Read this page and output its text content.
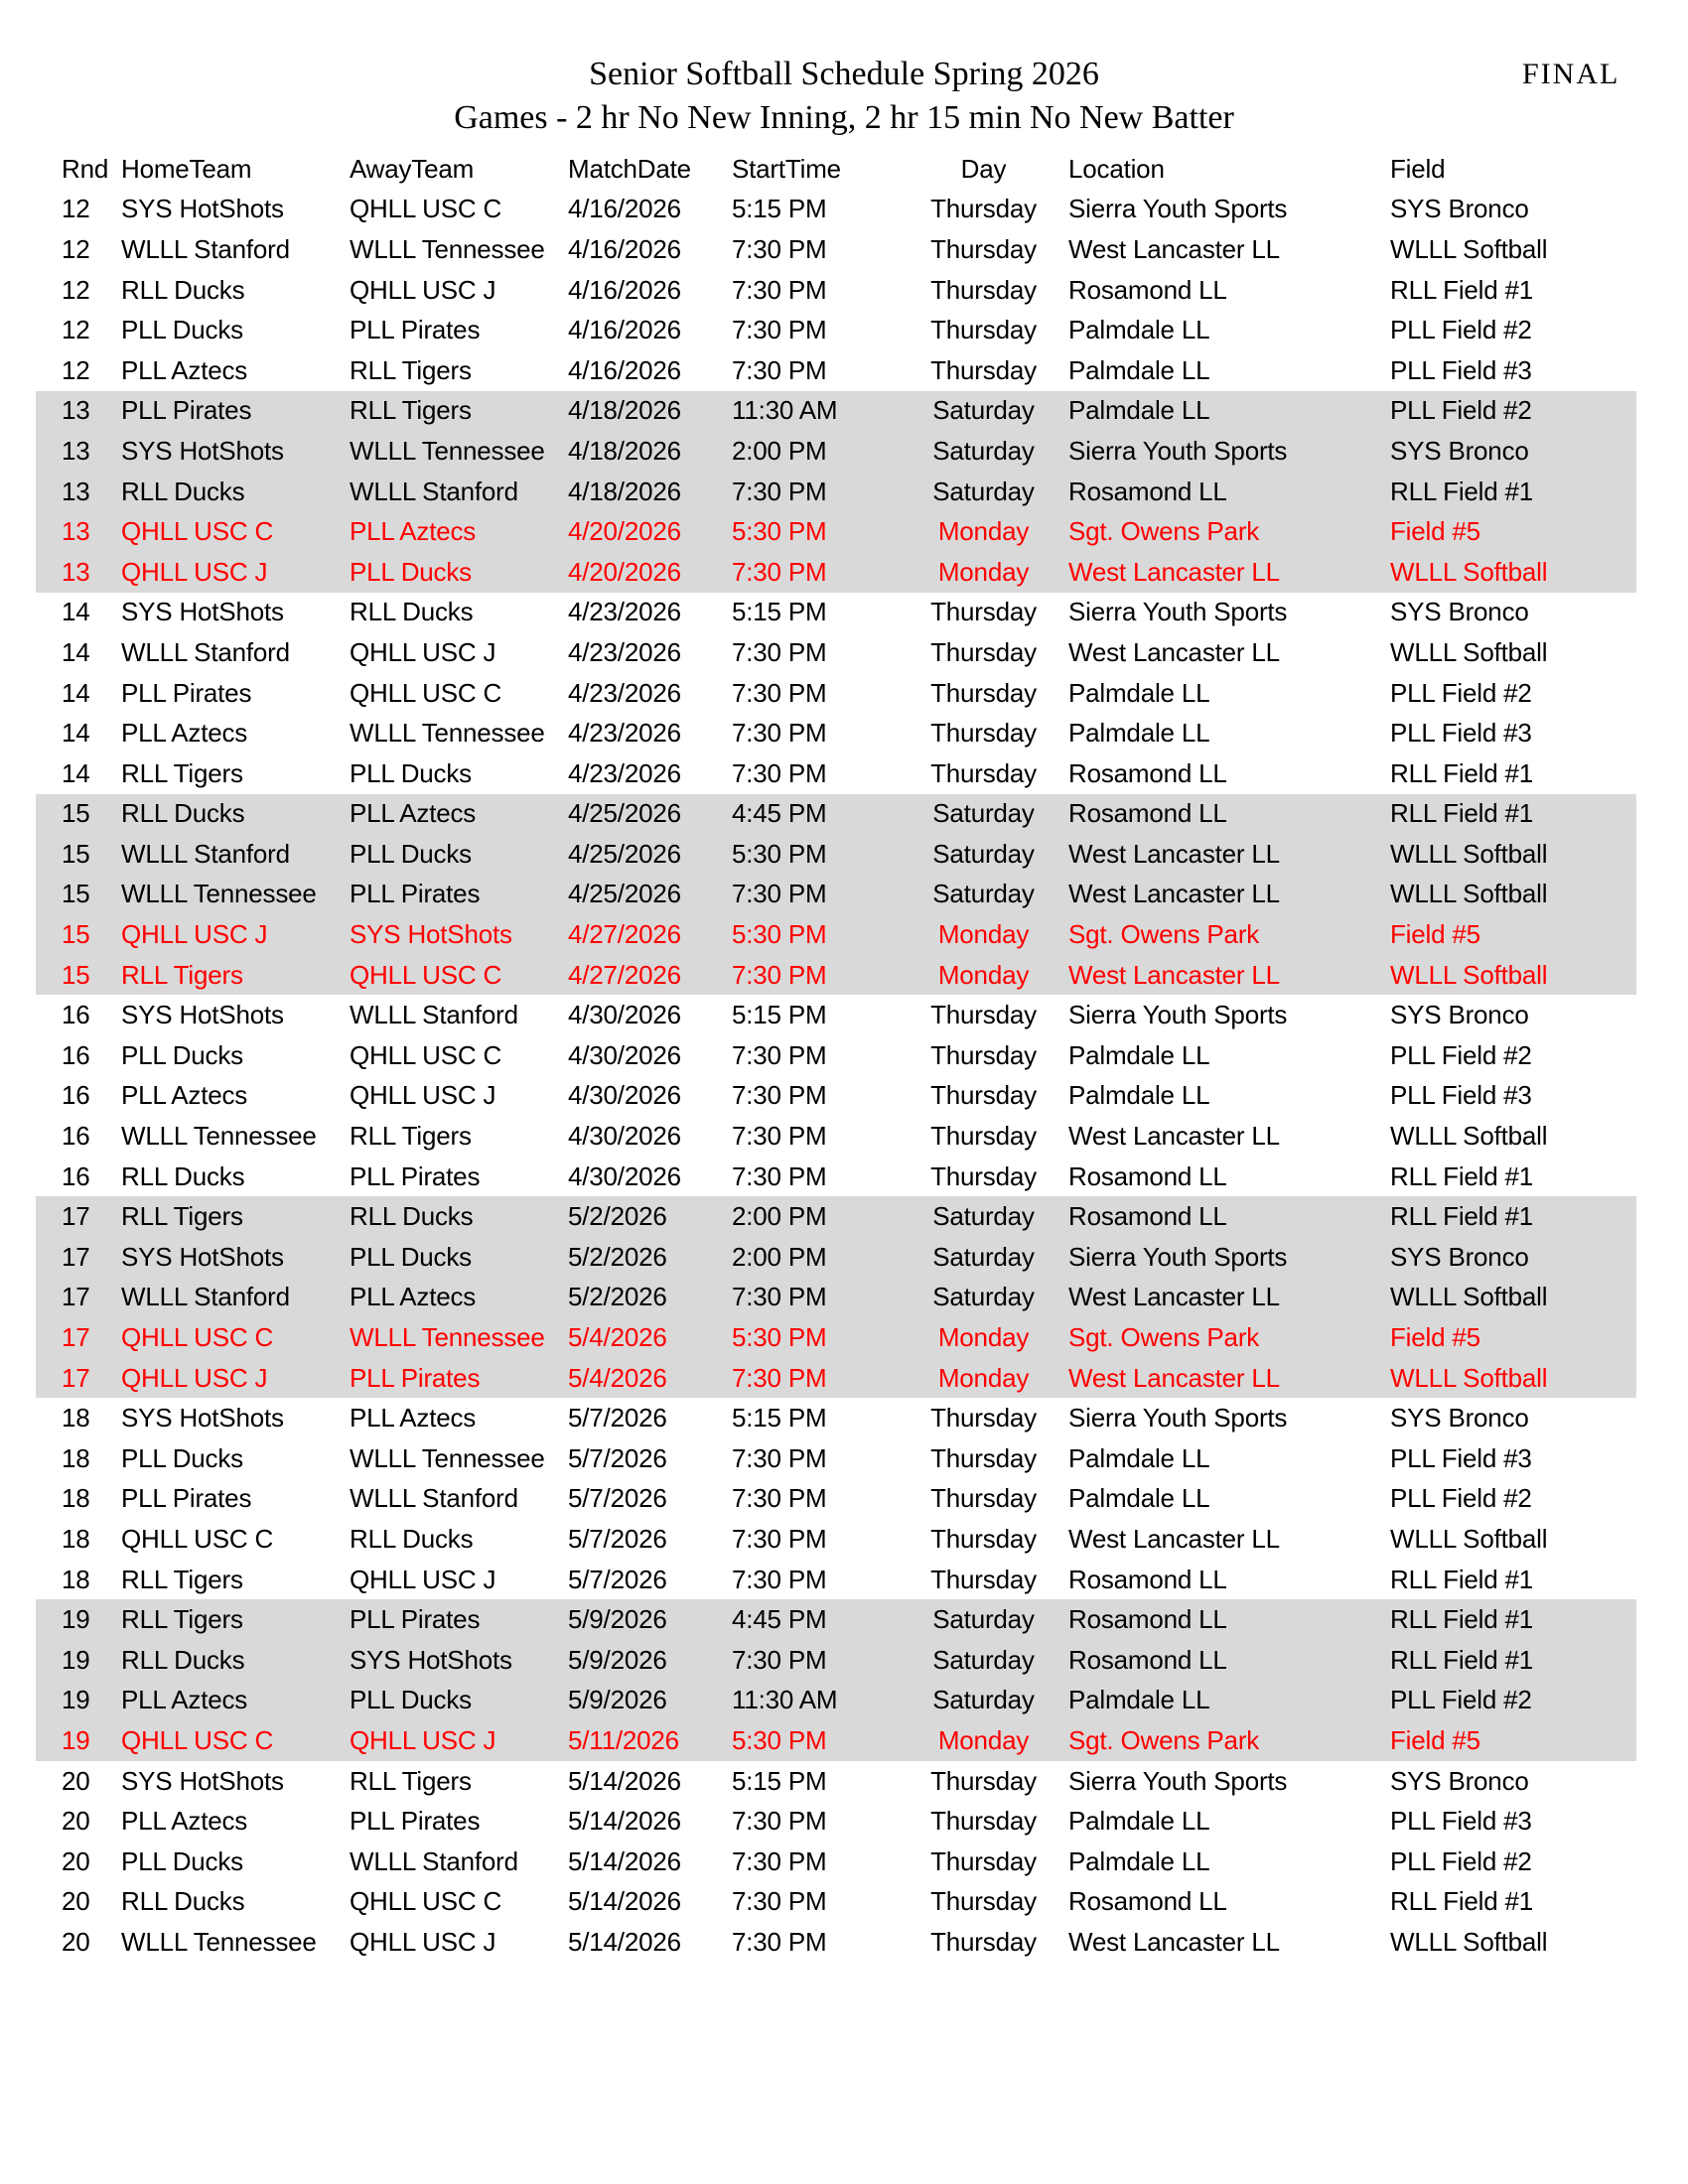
Senior Softball Schedule Spring 2026	FINAL
Games - 2 hr No New Inning, 2 hr 15 min No New Batter
Rnd HomeTeam	AwayTeam	MatchDate	StartTime	Day	Location	Field
12	SYS HotShots	QHLL USC C	4/16/2026	5:15 PM	Thursday	Sierra Youth Sports	SYS Bronco
12	WLLL Stanford	WLLL Tennessee 4/16/2026	7:30 PM	Thursday	West Lancaster LL	WLLL Softball
12	RLL Ducks	QHLL USC J	4/16/2026	7:30 PM	Thursday	Rosamond LL	RLL Field #1
12	PLL Ducks	PLL Pirates	4/16/2026	7:30 PM	Thursday	Palmdale LL	PLL Field #2
12	PLL Aztecs	RLL Tigers	4/16/2026	7:30 PM	Thursday	Palmdale LL	PLL Field #3
13	PLL Pirates	RLL Tigers	4/18/2026	11:30 AM	Saturday	Palmdale LL	PLL Field #2
13	SYS HotShots	WLLL Tennessee 4/18/2026	2:00 PM	Saturday	Sierra Youth Sports	SYS Bronco
13	RLL Ducks	WLLL Stanford	4/18/2026	7:30 PM	Saturday	Rosamond LL	RLL Field #1
13	QHLL USC C	PLL Aztecs	4/20/2026	5:30 PM	Monday	Sgt. Owens Park	Field #5
13	QHLL USC J	PLL Ducks	4/20/2026	7:30 PM	Monday	West Lancaster LL	WLLL Softball
14	SYS HotShots	RLL Ducks	4/23/2026	5:15 PM	Thursday	Sierra Youth Sports	SYS Bronco
14	WLLL Stanford	QHLL USC J	4/23/2026	7:30 PM	Thursday	West Lancaster LL	WLLL Softball
14	PLL Pirates	QHLL USC C	4/23/2026	7:30 PM	Thursday	Palmdale LL	PLL Field #2
14	PLL Aztecs	WLLL Tennessee 4/23/2026	7:30 PM	Thursday	Palmdale LL	PLL Field #3
14	RLL Tigers	PLL Ducks	4/23/2026	7:30 PM	Thursday	Rosamond LL	RLL Field #1
15	RLL Ducks	PLL Aztecs	4/25/2026	4:45 PM	Saturday	Rosamond LL	RLL Field #1
15	WLLL Stanford	PLL Ducks	4/25/2026	5:30 PM	Saturday	West Lancaster LL	WLLL Softball
15	WLLL Tennessee	PLL Pirates	4/25/2026	7:30 PM	Saturday	West Lancaster LL	WLLL Softball
15	QHLL USC J	SYS HotShots	4/27/2026	5:30 PM	Monday	Sgt. Owens Park	Field #5
15	RLL Tigers	QHLL USC C	4/27/2026	7:30 PM	Monday	West Lancaster LL	WLLL Softball
16	SYS HotShots	WLLL Stanford	4/30/2026	5:15 PM	Thursday	Sierra Youth Sports	SYS Bronco
16	PLL Ducks	QHLL USC C	4/30/2026	7:30 PM	Thursday	Palmdale LL	PLL Field #2
16	PLL Aztecs	QHLL USC J	4/30/2026	7:30 PM	Thursday	Palmdale LL	PLL Field #3
16	WLLL Tennessee	RLL Tigers	4/30/2026	7:30 PM	Thursday	West Lancaster LL	WLLL Softball
16	RLL Ducks	PLL Pirates	4/30/2026	7:30 PM	Thursday	Rosamond LL	RLL Field #1
17	RLL Tigers	RLL Ducks	5/2/2026	2:00 PM	Saturday	Rosamond LL	RLL Field #1
17	SYS HotShots	PLL Ducks	5/2/2026	2:00 PM	Saturday	Sierra Youth Sports	SYS Bronco
17	WLLL Stanford	PLL Aztecs	5/2/2026	7:30 PM	Saturday	West Lancaster LL	WLLL Softball
17	QHLL USC C	WLLL Tennessee 5/4/2026	5:30 PM	Monday	Sgt. Owens Park	Field #5
17	QHLL USC J	PLL Pirates	5/4/2026	7:30 PM	Monday	West Lancaster LL	WLLL Softball
18	SYS HotShots	PLL Aztecs	5/7/2026	5:15 PM	Thursday	Sierra Youth Sports	SYS Bronco
18	PLL Ducks	WLLL Tennessee 5/7/2026	7:30 PM	Thursday	Palmdale LL	PLL Field #3
18	PLL Pirates	WLLL Stanford	5/7/2026	7:30 PM	Thursday	Palmdale LL	PLL Field #2
18	QHLL USC C	RLL Ducks	5/7/2026	7:30 PM	Thursday	West Lancaster LL	WLLL Softball
18	RLL Tigers	QHLL USC J	5/7/2026	7:30 PM	Thursday	Rosamond LL	RLL Field #1
19	RLL Tigers	PLL Pirates	5/9/2026	4:45 PM	Saturday	Rosamond LL	RLL Field #1
19	RLL Ducks	SYS HotShots	5/9/2026	7:30 PM	Saturday	Rosamond LL	RLL Field #1
19	PLL Aztecs	PLL Ducks	5/9/2026	11:30 AM	Saturday	Palmdale LL	PLL Field #2
19	QHLL USC C	QHLL USC J	5/11/2026	5:30 PM	Monday	Sgt. Owens Park	Field #5
20	SYS HotShots	RLL Tigers	5/14/2026	5:15 PM	Thursday	Sierra Youth Sports	SYS Bronco
20	PLL Aztecs	PLL Pirates	5/14/2026	7:30 PM	Thursday	Palmdale LL	PLL Field #3
20	PLL Ducks	WLLL Stanford	5/14/2026	7:30 PM	Thursday	Palmdale LL	PLL Field #2
20	RLL Ducks	QHLL USC C	5/14/2026	7:30 PM	Thursday	Rosamond LL	RLL Field #1
20	WLLL Tennessee	QHLL USC J	5/14/2026	7:30 PM	Thursday	West Lancaster LL	WLLL Softball
